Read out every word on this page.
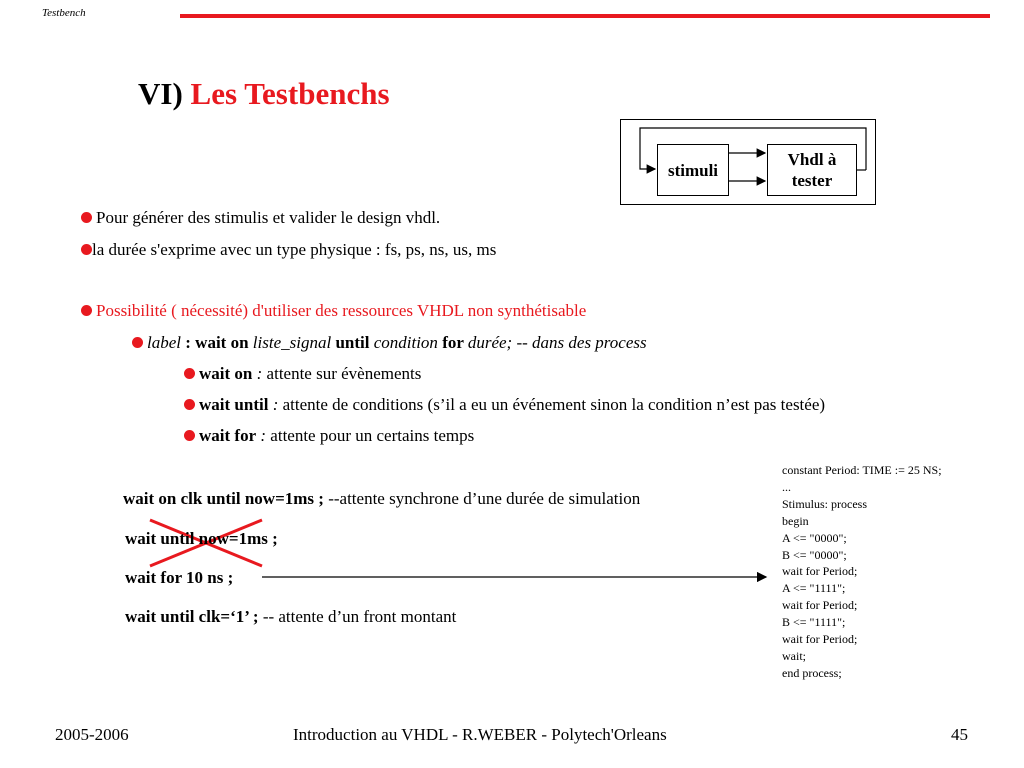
Testbench
VI) Les Testbenchs
stimuli
Vhdl à
tester
Pour générer des stimulis et valider le design vhdl.
la durée s'exprime avec un type physique : fs, ps, ns, us, ms
Possibilité ( nécessité) d'utiliser des ressources VHDL non synthétisable
label : wait on liste_signal until condition for durée; -- dans des process
wait on : attente sur évènements
wait until : attente de conditions (s’il a eu un événement sinon la condition n’est pas testée)
wait for : attente pour un certains temps
wait on clk until now=1ms ; --attente synchrone d’une durée de simulation
wait until now=1ms ;
wait for 10 ns ;
wait until clk=‘1’ ; -- attente d’un front montant
constant Period: TIME := 25 NS;
...
Stimulus: process
begin
A <= "0000";
B <= "0000";
wait for Period;
A <= "1111";
wait for Period;
B <= "1111";
wait for Period;
wait;
end process;
2005-2006	Introduction au VHDL - R.WEBER - Polytech'Orleans	45
